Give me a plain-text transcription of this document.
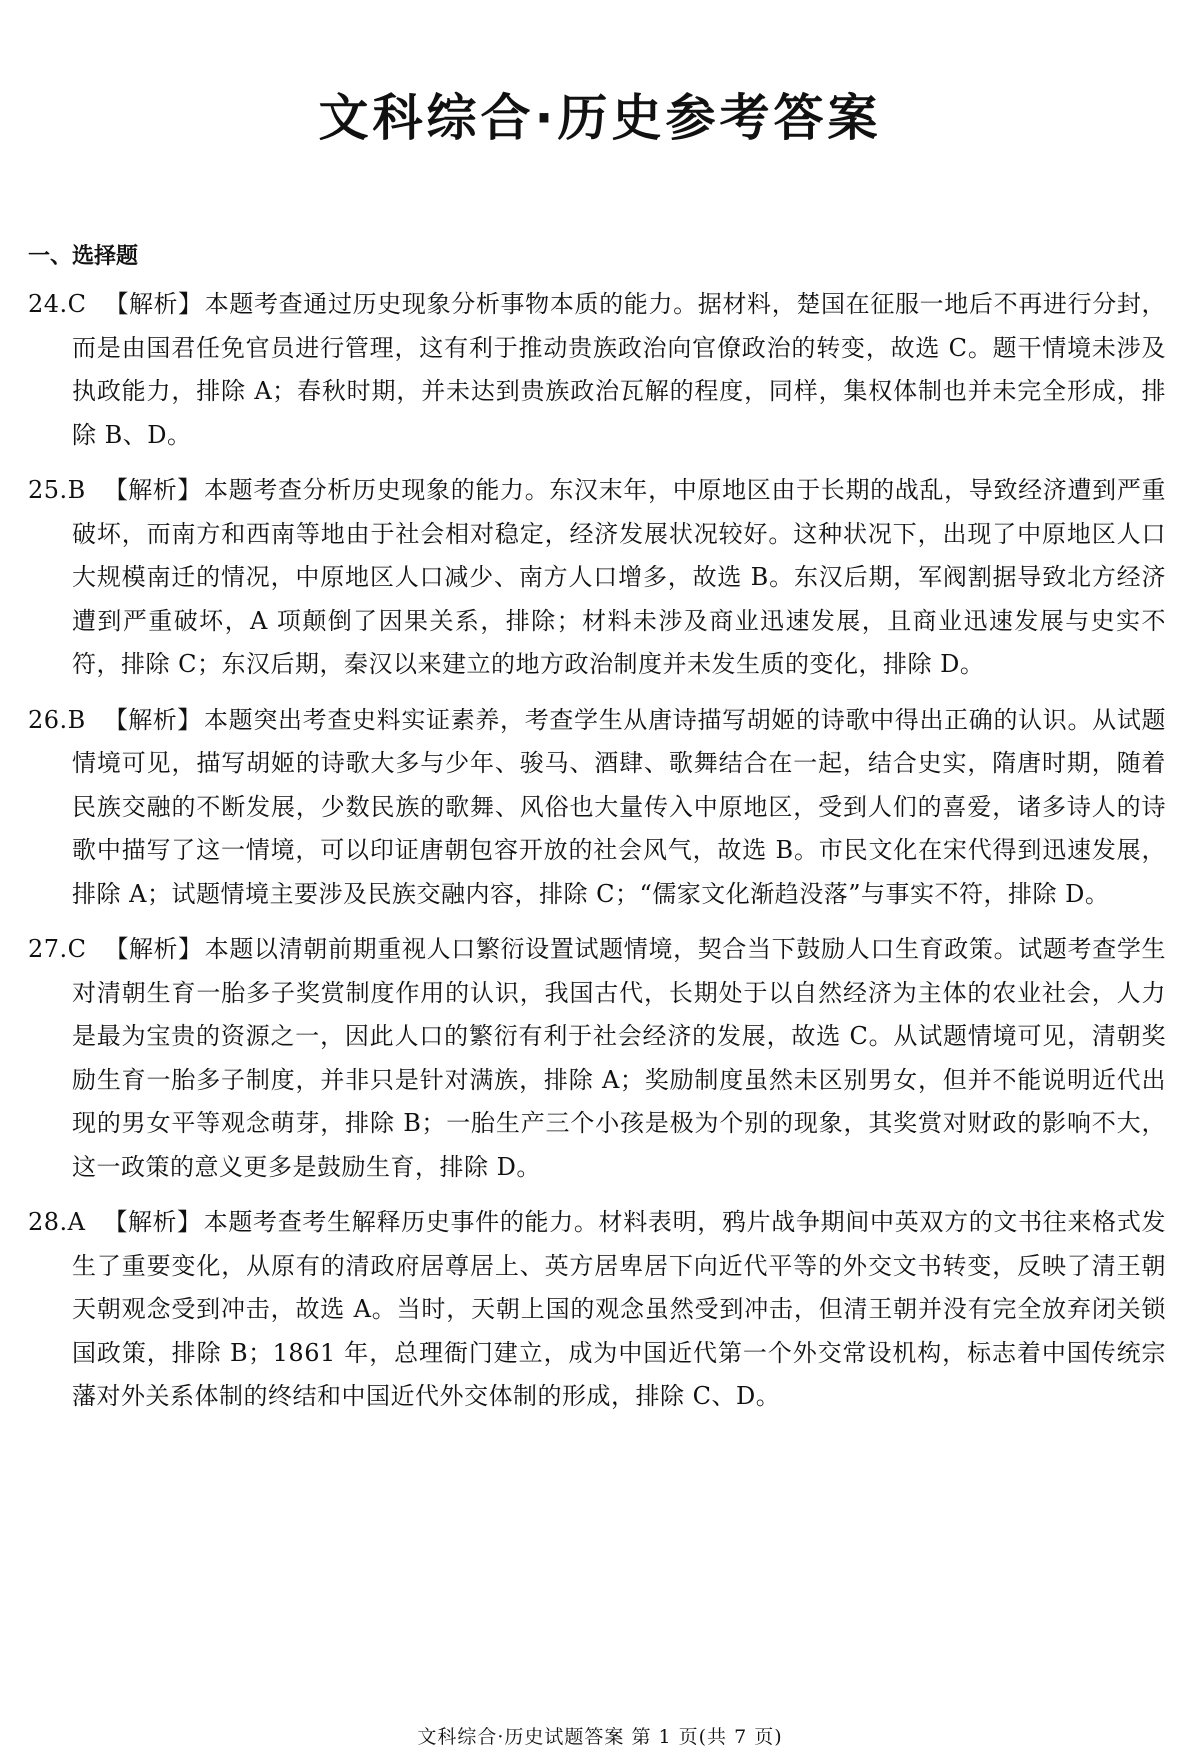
文科综合·历史参考答案
一、选择题
24.C 【解析】 本题考查通过历史现象分析事物本质的能力。据材料，楚国在征服一地后不再进行分封，而是由国君任免官员进行管理，这有利于推动贵族政治向官僚政治的转变，故选 C。题干情境未涉及执政能力，排除 A；春秋时期，并未达到贵族政治瓦解的程度，同样，集权体制也并未完全形成，排除 B、D。
25.B 【解析】 本题考查分析历史现象的能力。东汉末年，中原地区由于长期的战乱，导致经济遭到严重破坏，而南方和西南等地由于社会相对稳定，经济发展状况较好。这种状况下，出现了中原地区人口大规模南迁的情况，中原地区人口减少、南方人口增多，故选 B。东汉后期，军阀割据导致北方经济遭到严重破坏，A 项颠倒了因果关系，排除；材料未涉及商业迅速发展，且商业迅速发展与史实不符，排除 C；东汉后期，秦汉以来建立的地方政治制度并未发生质的变化，排除 D。
26.B 【解析】 本题突出考查史料实证素养，考查学生从唐诗描写胡姬的诗歌中得出正确的认识。从试题情境可见，描写胡姬的诗歌大多与少年、骏马、酒肆、歌舞结合在一起，结合史实，隋唐时期，随着民族交融的不断发展，少数民族的歌舞、风俗也大量传入中原地区，受到人们的喜爱，诸多诗人的诗歌中描写了这一情境，可以印证唐朝包容开放的社会风气，故选 B。市民文化在宋代得到迅速发展，排除 A；试题情境主要涉及民族交融内容，排除 C；“儒家文化渐趋没落”与事实不符，排除 D。
27.C 【解析】 本题以清朝前期重视人口繁衍设置试题情境，契合当下鼓励人口生育政策。试题考查学生对清朝生育一胎多子奖赏制度作用的认识，我国古代，长期处于以自然经济为主体的农业社会，人力是最为宝贵的资源之一，因此人口的繁衍有利于社会经济的发展，故选 C。从试题情境可见，清朝奖励生育一胎多子制度，并非只是针对满族，排除 A；奖励制度虽然未区别男女，但并不能说明近代出现的男女平等观念萌芽，排除 B；一胎生产三个小孩是极为个别的现象，其奖赏对财政的影响不大，这一政策的意义更多是鼓励生育，排除 D。
28.A 【解析】 本题考查考生解释历史事件的能力。材料表明，鸦片战争期间中英双方的文书往来格式发生了重要变化，从原有的清政府居尊居上、英方居卑居下向近代平等的外交文书转变，反映了清王朝天朝观念受到冲击，故选 A。当时，天朝上国的观念虽然受到冲击，但清王朝并没有完全放弃闭关锁国政策，排除 B；1861 年，总理衙门建立，成为中国近代第一个外交常设机构，标志着中国传统宗藩对外关系体制的终结和中国近代外交体制的形成，排除 C、D。
文科综合·历史试题答案 第 1 页(共 7 页)
